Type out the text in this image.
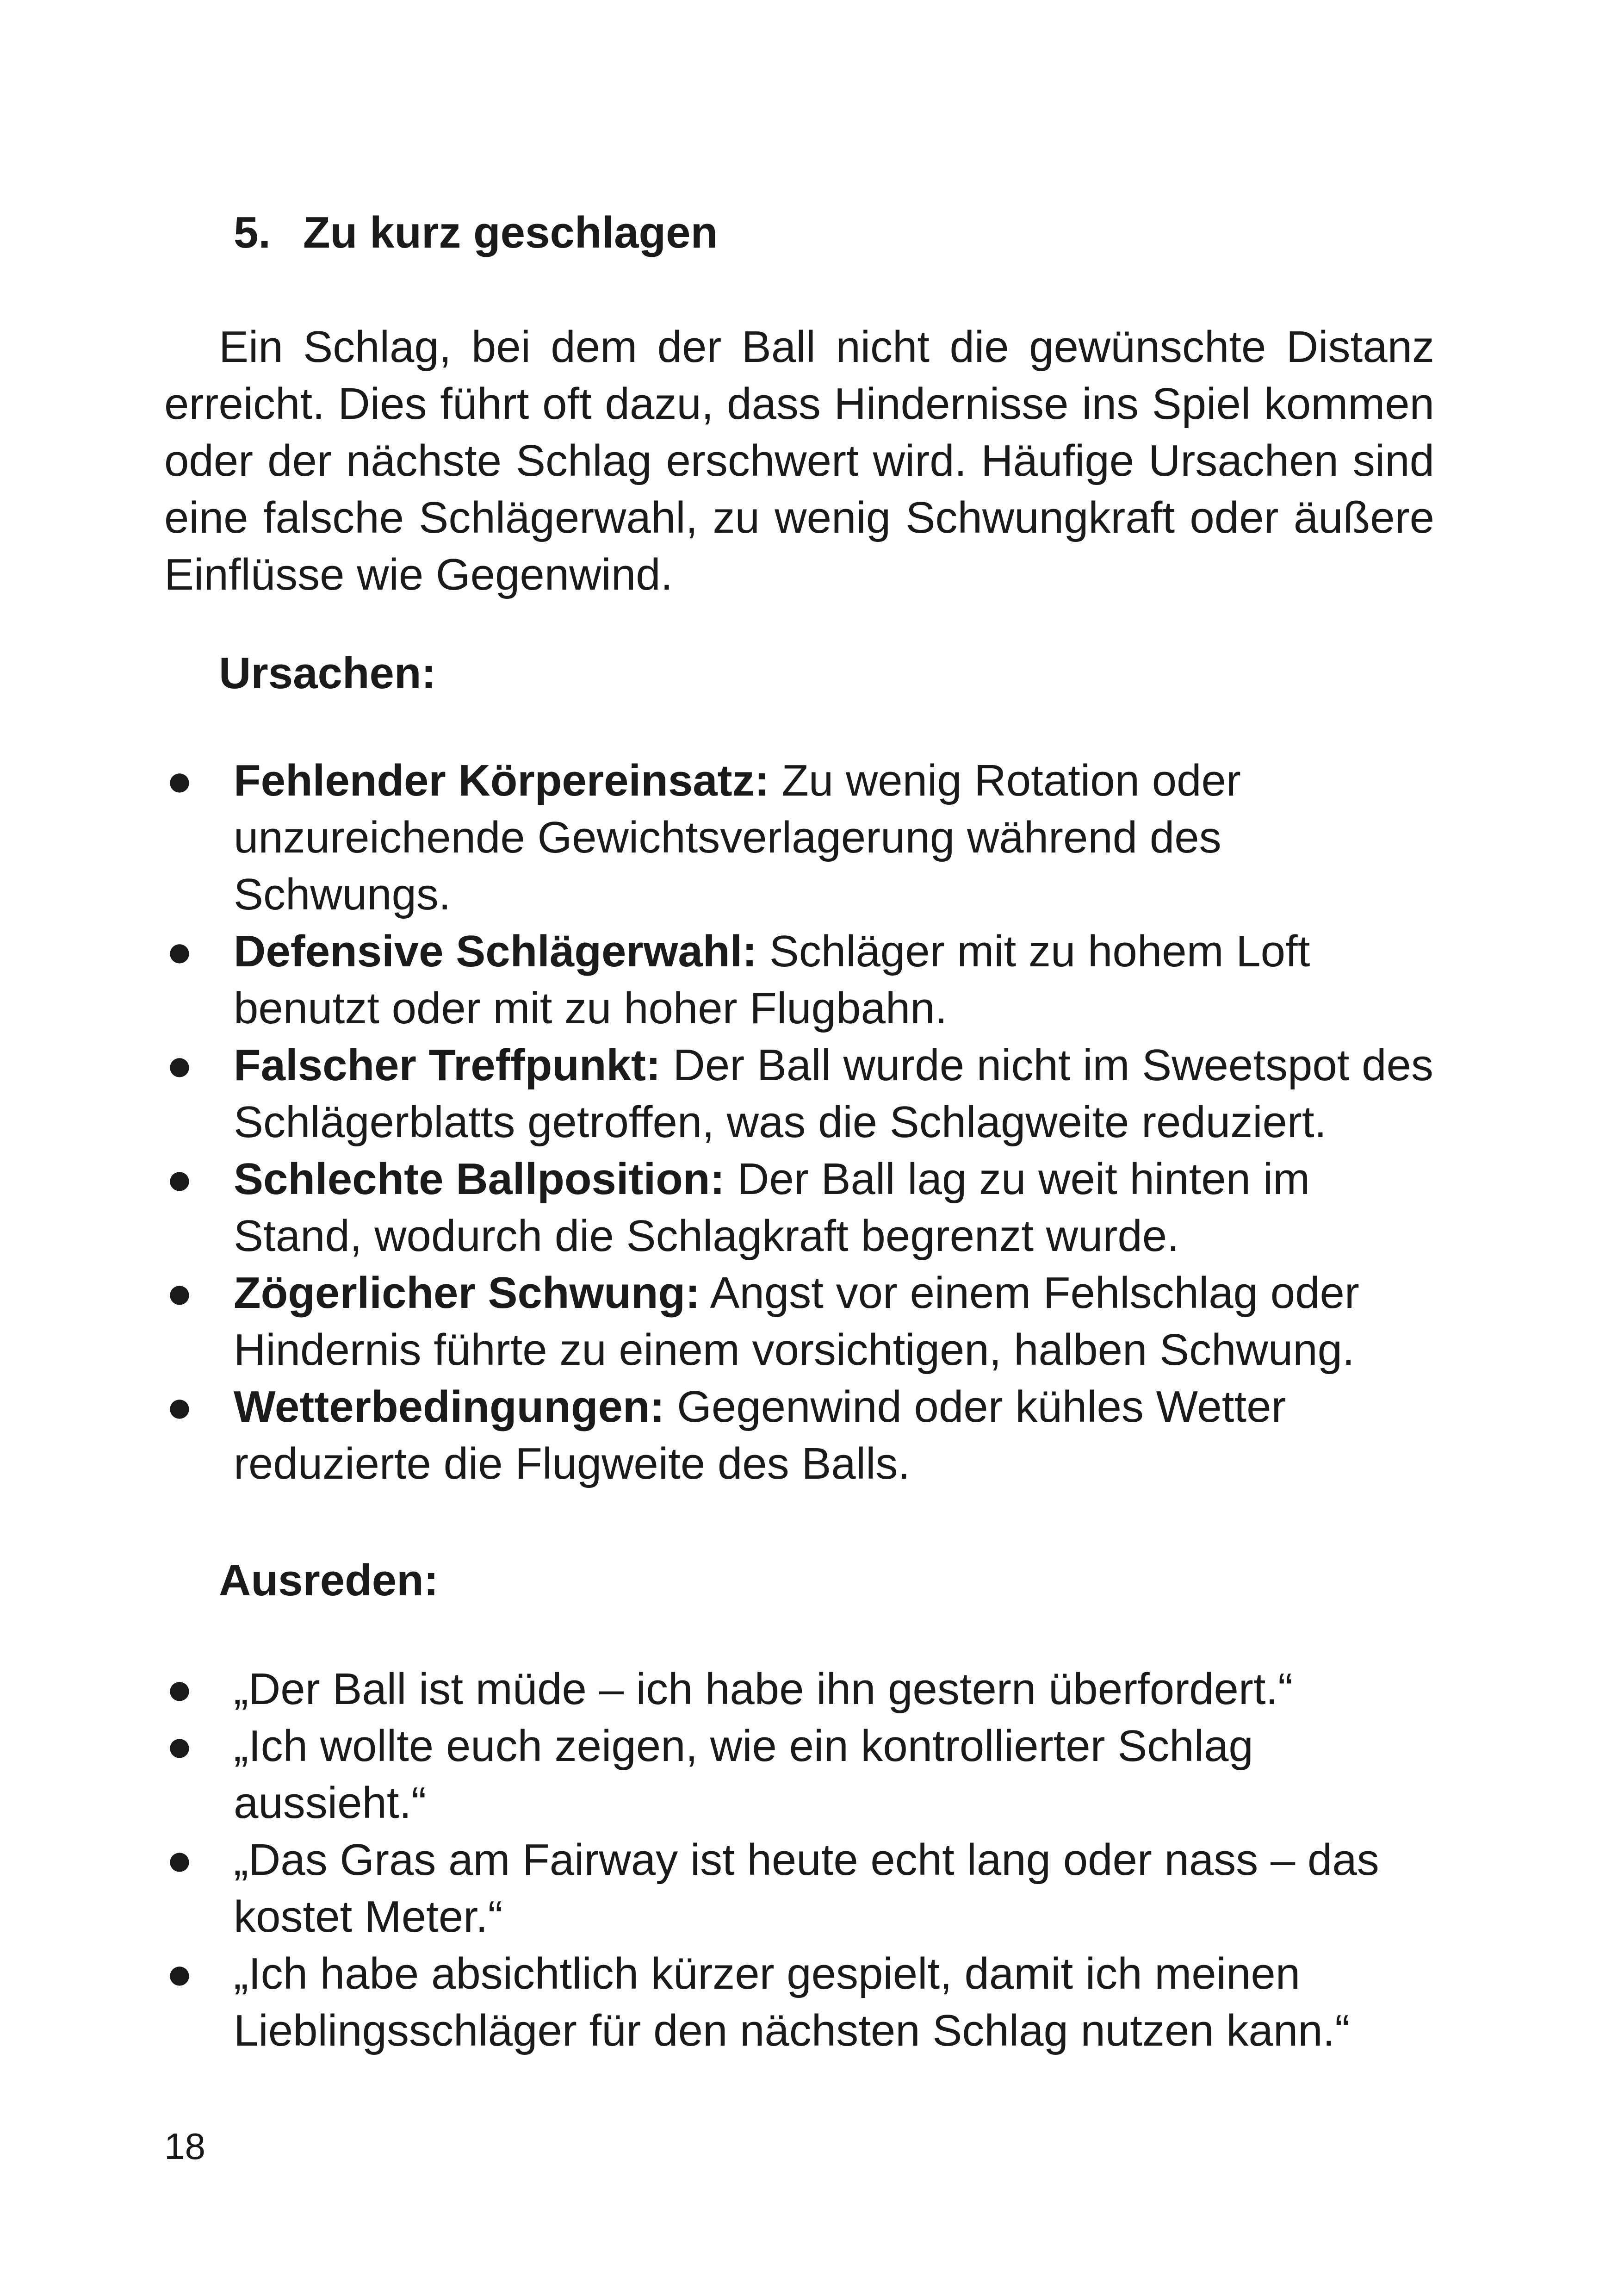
5. Zu kurz geschlagen

Ein Schlag, bei dem der Ball nicht die gewünschte Distanz erreicht. Dies führt oft dazu, dass Hindernisse ins Spiel kommen oder der nächste Schlag erschwert wird. Häufige Ursachen sind eine falsche Schlägerwahl, zu wenig Schwungkraft oder äußere Einflüsse wie Gegenwind.

Ursachen:
● Fehlender Körpereinsatz: Zu wenig Rotation oder unzureichende Gewichtsverlagerung während des Schwungs.
● Defensive Schlägerwahl: Schläger mit zu hohem Loft benutzt oder mit zu hoher Flugbahn.
● Falscher Treffpunkt: Der Ball wurde nicht im Sweetspot des Schlägerblatts getroffen, was die Schlagweite reduziert.
● Schlechte Ballposition: Der Ball lag zu weit hinten im Stand, wodurch die Schlagkraft begrenzt wurde.
● Zögerlicher Schwung: Angst vor einem Fehlschlag oder Hindernis führte zu einem vorsichtigen, halben Schwung.
● Wetterbedingungen: Gegenwind oder kühles Wetter reduzierte die Flugweite des Balls.
Ausreden:
● „Der Ball ist müde – ich habe ihn gestern überfordert.“
● „Ich wollte euch zeigen, wie ein kontrollierter Schlag aussieht.“
● „Das Gras am Fairway ist heute echt lang oder nass – das kostet Meter.“
● „Ich habe absichtlich kürzer gespielt, damit ich meinen Lieblingsschläger für den nächsten Schlag nutzen kann.“
18
